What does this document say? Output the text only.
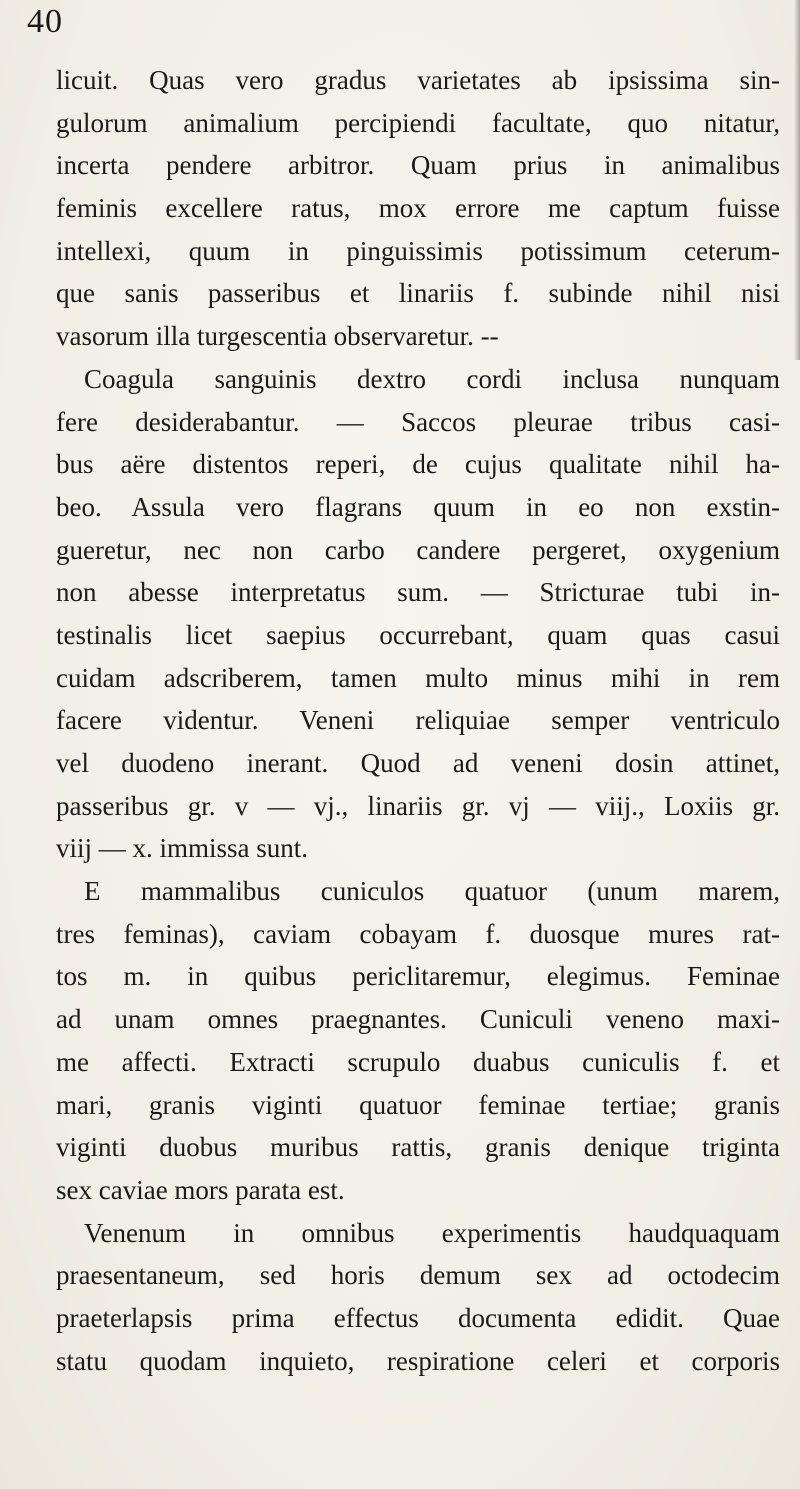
40
licuit. Quas vero gradus varietates ab ipsissima sin-
gulorum animalium percipiendi facultate, quo nitatur,
incerta pendere arbitror. Quam prius in animalibus
feminis excellere ratus, mox errore me captum fuisse
intellexi, quum in pinguissimis potissimum ceterum-
que sanis passeribus et linariis f. subinde nihil nisi
vasorum illa turgescentia observaretur. --
Coagula sanguinis dextro cordi inclusa nunquam
fere desiderabantur. — Saccos pleurae tribus casi-
bus aëre distentos reperi, de cujus qualitate nihil ha-
beo. Assula vero flagrans quum in eo non exstin-
gueretur, nec non carbo candere pergeret, oxygenium
non abesse interpretatus sum. — Stricturae tubi in-
testinalis licet saepius occurrebant, quam quas casui
cuidam adscriberem, tamen multo minus mihi in rem
facere videntur. Veneni reliquiae semper ventriculo
vel duodeno inerant. Quod ad veneni dosin attinet,
passeribus gr. v — vj., linariis gr. vj — viij., Loxiis gr.
viij — x. immissa sunt.
E mammalibus cuniculos quatuor (unum marem,
tres feminas), caviam cobayam f. duosque mures rat-
tos m. in quibus periclitaremur, elegimus. Feminae
ad unam omnes praegnantes. Cuniculi veneno maxi-
me affecti. Extracti scrupulo duabus cuniculis f. et
mari, granis viginti quatuor feminae tertiae; granis
viginti duobus muribus rattis, granis denique triginta
sex caviae mors parata est.
Venenum in omnibus experimentis haudquaquam
praesentaneum, sed horis demum sex ad octodecim
praeterlapsis prima effectus documenta edidit. Quae
statu quodam inquieto, respiratione celeri et corporis
